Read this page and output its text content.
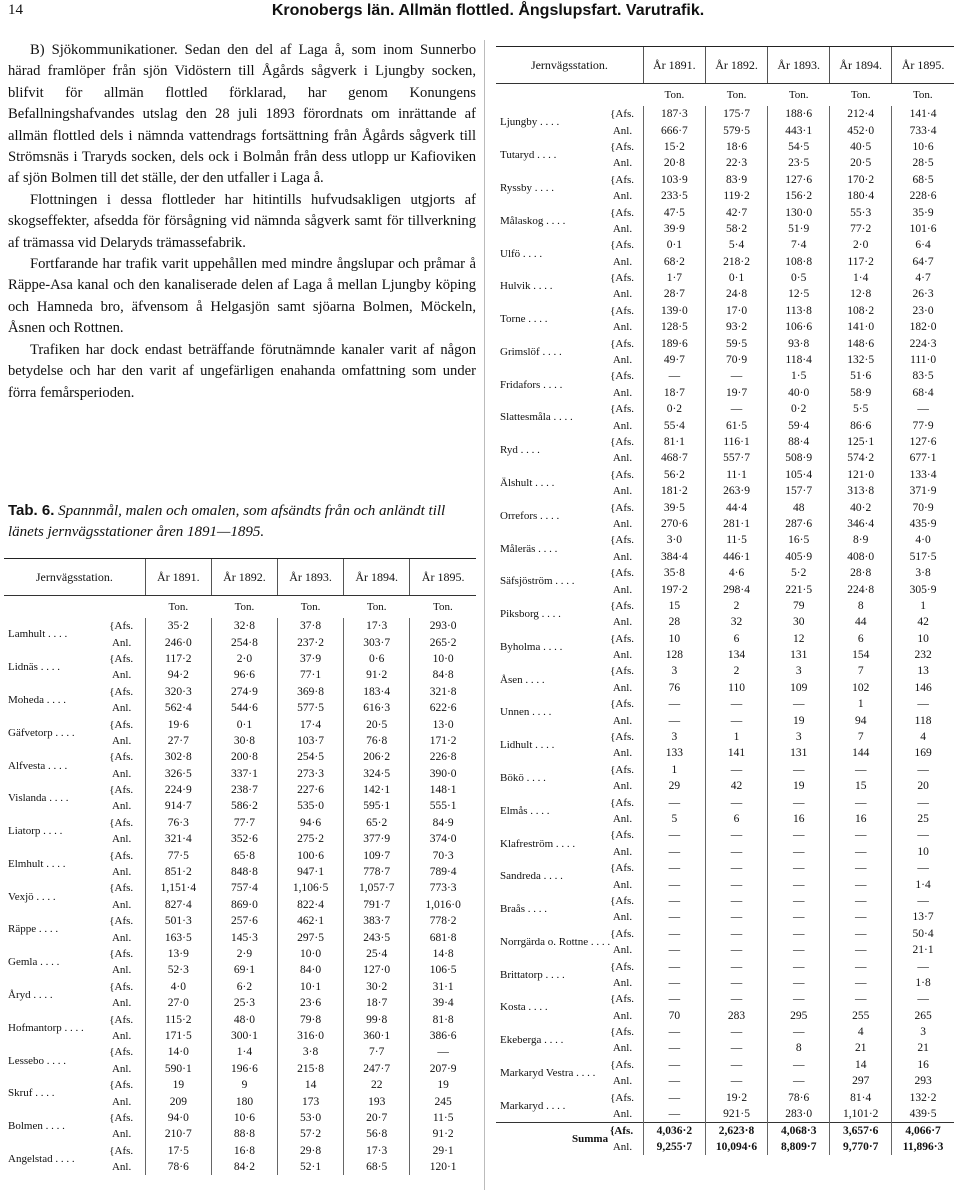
14	Kronobergs län. Allmän flottled. Ångslupsfart. Varutrafik.

B) Sjökommunikationer. Sedan den del af Laga å, som inom Sunnerbo härad framlöper från sjön Vidöstern till Ågårds sågverk i Ljungby socken, blifvit för allmän flottled förklarad, har genom Konungens Befallningshafvandes utslag den 28 juli 1893 förordnats om inrättande af allmän flottled dels i nämnda vattendrags fortsättning från Ågårds sågverk till Strömsnäs i Traryds socken, dels ock i Bolmån från dess utlopp ur Kafioviken af sjön Bolmen till det ställe, der den utfaller i Laga å.

Flottningen i dessa flottleder har hitintills hufvudsakligen utgjorts af skogseffekter, afsedda för försågning vid nämnda sågverk samt för tillverkning af trämassa vid Delaryds trämassefabrik.

Fortfarande har trafik varit uppehållen med mindre ångslupar och pråmar å Räppe-Asa kanal och den kanaliserade delen af Laga å mellan Ljungby köping och Hamneda bro, äfvensom å Helgasjön samt sjöarna Bolmen, Möckeln, Åsnen och Rottnen.

Trafiken har dock endast beträffande förutnämnde kanaler varit af någon betydelse och har den varit af ungefärligen enahanda omfattning som under förra femårsperioden.

Tab. 6. Spannmål, malen och omalen, som afsändts från och anländt till länets jernvägsstationer åren 1891—1895.
Jernvägsstation.		År 1891.	År 1892.	År 1893.	År 1894.	År 1895.
		Ton.	Ton.	Ton.	Ton.	Ton.
Lamhult . . . .	{Afs.	35·2	32·8	37·8	17·3	293·0
	Anl.	246·0	254·8	237·2	303·7	265·2
Lidnäs . . . .	{Afs.	117·2	2·0	37·9	0·6	10·0
	Anl.	94·2	96·6	77·1	91·2	84·8
Moheda . . . .	{Afs.	320·3	274·9	369·8	183·4	321·8
	Anl.	562·4	544·6	577·5	616·3	622·6
Gäfvetorp . . . .	{Afs.	19·6	0·1	17·4	20·5	13·0
	Anl.	27·7	30·8	103·7	76·8	171·2
Alfvesta . . . .	{Afs.	302·8	200·8	254·5	206·2	226·8
	Anl.	326·5	337·1	273·3	324·5	390·0
Vislanda . . . .	{Afs.	224·9	238·7	227·6	142·1	148·1
	Anl.	914·7	586·2	535·0	595·1	555·1
Liatorp . . . .	{Afs.	76·3	77·7	94·6	65·2	84·9
	Anl.	321·4	352·6	275·2	377·9	374·0
Elmhult . . . .	{Afs.	77·5	65·8	100·6	109·7	70·3
	Anl.	851·2	848·8	947·1	778·7	789·4
Vexjö . . . .	{Afs.	1,151·4	757·4	1,106·5	1,057·7	773·3
	Anl.	827·4	869·0	822·4	791·7	1,016·0
Räppe . . . .	{Afs.	501·3	257·6	462·1	383·7	778·2
	Anl.	163·5	145·3	297·5	243·5	681·8
Gemla . . . .	{Afs.	13·9	2·9	10·0	25·4	14·8
	Anl.	52·3	69·1	84·0	127·0	106·5
Åryd . . . .	{Afs.	4·0	6·2	10·1	30·2	31·1
	Anl.	27·0	25·3	23·6	18·7	39·4
Hofmantorp . . . .	{Afs.	115·2	48·0	79·8	99·8	81·8
	Anl.	171·5	300·1	316·0	360·1	386·6
Lessebo . . . .	{Afs.	14·0	1·4	3·8	7·7	—
	Anl.	590·1	196·6	215·8	247·7	207·9
Skruf . . . .	{Afs.	19	9	14	22	19
	Anl.	209	180	173	193	245
Bolmen . . . .	{Afs.	94·0	10·6	53·0	20·7	11·5
	Anl.	210·7	88·8	57·2	56·8	91·2
Angelstad . . . .	{Afs.	17·5	16·8	29·8	17·3	29·1
	Anl.	78·6	84·2	52·1	68·5	120·1
Jernvägsstation.		År 1891.	År 1892.	År 1893.	År 1894.	År 1895.
		Ton.	Ton.	Ton.	Ton.	Ton.
Ljungby . . . .	{Afs.	187·3	175·7	188·6	212·4	141·4
	Anl.	666·7	579·5	443·1	452·0	733·4
Tutaryd . . . .	{Afs.	15·2	18·6	54·5	40·5	10·6
	Anl.	20·8	22·3	23·5	20·5	28·5
Ryssby . . . .	{Afs.	103·9	83·9	127·6	170·2	68·5
	Anl.	233·5	119·2	156·2	180·4	228·6
Målaskog . . . .	{Afs.	47·5	42·7	130·0	55·3	35·9
	Anl.	39·9	58·2	51·9	77·2	101·6
Ulfö . . . .	{Afs.	0·1	5·4	7·4	2·0	6·4
	Anl.	68·2	218·2	108·8	117·2	64·7
Hulvik . . . .	{Afs.	1·7	0·1	0·5	1·4	4·7
	Anl.	28·7	24·8	12·5	12·8	26·3
Torne . . . .	{Afs.	139·0	17·0	113·8	108·2	23·0
	Anl.	128·5	93·2	106·6	141·0	182·0
Grimslöf . . . .	{Afs.	189·6	59·5	93·8	148·6	224·3
	Anl.	49·7	70·9	118·4	132·5	111·0
Fridafors . . . .	{Afs.	—	—	1·5	51·6	83·5
	Anl.	18·7	19·7	40·0	58·9	68·4
Slattesmåla . . . .	{Afs.	0·2	—	0·2	5·5	—
	Anl.	55·4	61·5	59·4	86·6	77·9
Ryd . . . .	{Afs.	81·1	116·1	88·4	125·1	127·6
	Anl.	468·7	557·7	508·9	574·2	677·1
Älshult . . . .	{Afs.	56·2	11·1	105·4	121·0	133·4
	Anl.	181·2	263·9	157·7	313·8	371·9
Orrefors . . . .	{Afs.	39·5	44·4	48	40·2	70·9
	Anl.	270·6	281·1	287·6	346·4	435·9
Måleräs . . . .	{Afs.	3·0	11·5	16·5	8·9	4·0
	Anl.	384·4	446·1	405·9	408·0	517·5
Säfsjöström . . . .	{Afs.	35·8	4·6	5·2	28·8	3·8
	Anl.	197·2	298·4	221·5	224·8	305·9
Piksborg . . . .	{Afs.	15	2	79	8	1
	Anl.	28	32	30	44	42
Byholma . . . .	{Afs.	10	6	12	6	10
	Anl.	128	134	131	154	232
Åsen . . . .	{Afs.	3	2	3	7	13
	Anl.	76	110	109	102	146
Unnen . . . .	{Afs.	—	—	—	1	—
	Anl.	—	—	19	94	118
Lidhult . . . .	{Afs.	3	1	3	7	4
	Anl.	133	141	131	144	169
Bökö . . . .	{Afs.	1	—	—	—	—
	Anl.	29	42	19	15	20
Elmås . . . .	{Afs.	—	—	—	—	—
	Anl.	5	6	16	16	25
Klafreström . . . .	{Afs.	—	—	—	—	—
	Anl.	—	—	—	—	10
Sandreda . . . .	{Afs.	—	—	—	—	—
	Anl.	—	—	—	—	1·4
Braås . . . .	{Afs.	—	—	—	—	—
	Anl.	—	—	—	—	13·7
Norrgärda o. Rottne . . . .	{Afs.	—	—	—	—	50·4
	Anl.	—	—	—	—	21·1
Brittatorp . . . .	{Afs.	—	—	—	—	—
	Anl.	—	—	—	—	1·8
Kosta . . . .	{Afs.	—	—	—	—	—
	Anl.	70	283	295	255	265
Ekeberga . . . .	{Afs.	—	—	—	4	3
	Anl.	—	—	8	21	21
Markaryd Vestra . . . .	{Afs.	—	—	—	14	16
	Anl.	—	—	—	297	293
Markaryd . . . .	{Afs.	—	19·2	78·6	81·4	132·2
	Anl.	—	921·5	283·0	1,101·2	439·5
Summa	{Afs.	4,036·2	2,623·8	4,068·3	3,657·6	4,066·7
	Anl.	9,255·7	10,094·6	8,809·7	9,770·7	11,896·3
